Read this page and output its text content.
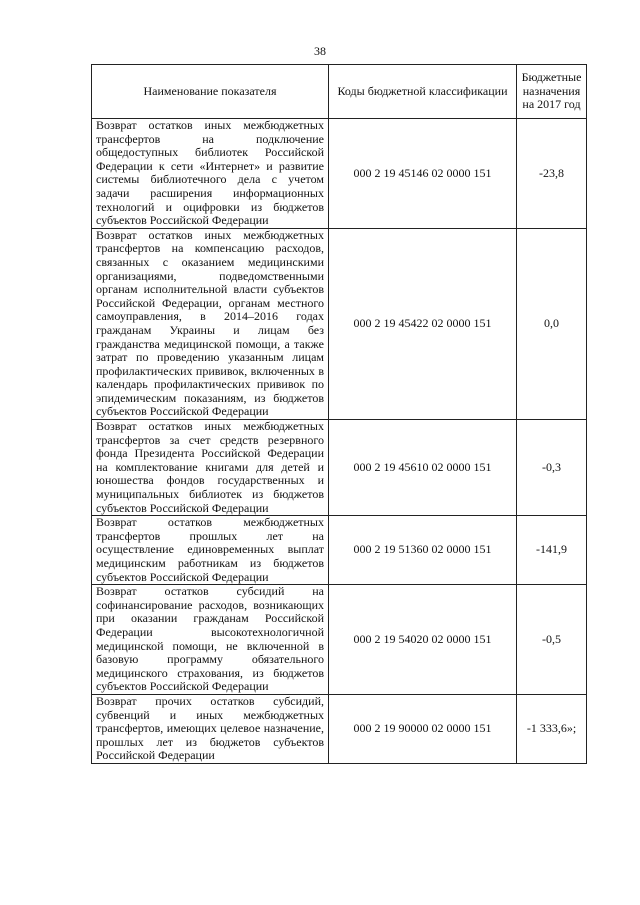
38
Наименование показателя	Коды бюджетной классификации	Бюджетные назначения на 2017 год
Возврат остатков иных межбюджетных трансфертов на подключение общедоступных библиотек Российской Федерации к сети «Интернет» и развитие системы библиотечного дела с учетом задачи расширения информационных технологий и оцифровки из бюджетов субъектов Российской Федерации	000 2 19 45146 02 0000 151	-23,8
Возврат остатков иных межбюджетных трансфертов на компенсацию расходов, связанных с оказанием медицинскими организациями, подведомственными органам исполнительной власти субъектов Российской Федерации, органам местного самоуправления, в 2014–2016 годах гражданам Украины и лицам без гражданства медицинской помощи, а также затрат по проведению указанным лицам профилактических прививок, включенных в календарь профилактических прививок по эпидемическим показаниям, из бюджетов субъектов Российской Федерации	000 2 19 45422 02 0000 151	0,0
Возврат остатков иных межбюджетных трансфертов за счет средств резервного фонда Президента Российской Федерации на комплектование книгами для детей и юношества фондов государственных и муниципальных библиотек из бюджетов субъектов Российской Федерации	000 2 19 45610 02 0000 151	-0,3
Возврат остатков межбюджетных трансфертов прошлых лет на осуществление единовременных выплат медицинским работникам из бюджетов субъектов Российской Федерации	000 2 19 51360 02 0000 151	-141,9
Возврат остатков субсидий на софинансирование расходов, возникающих при оказании гражданам Российской Федерации высокотехнологичной медицинской помощи, не включенной в базовую программу обязательного медицинского страхования, из бюджетов субъектов Российской Федерации	000 2 19 54020 02 0000 151	-0,5
Возврат прочих остатков субсидий, субвенций и иных межбюджетных трансфертов, имеющих целевое назначение, прошлых лет из бюджетов субъектов Российской Федерации	000 2 19 90000 02 0000 151	-1 333,6»;
